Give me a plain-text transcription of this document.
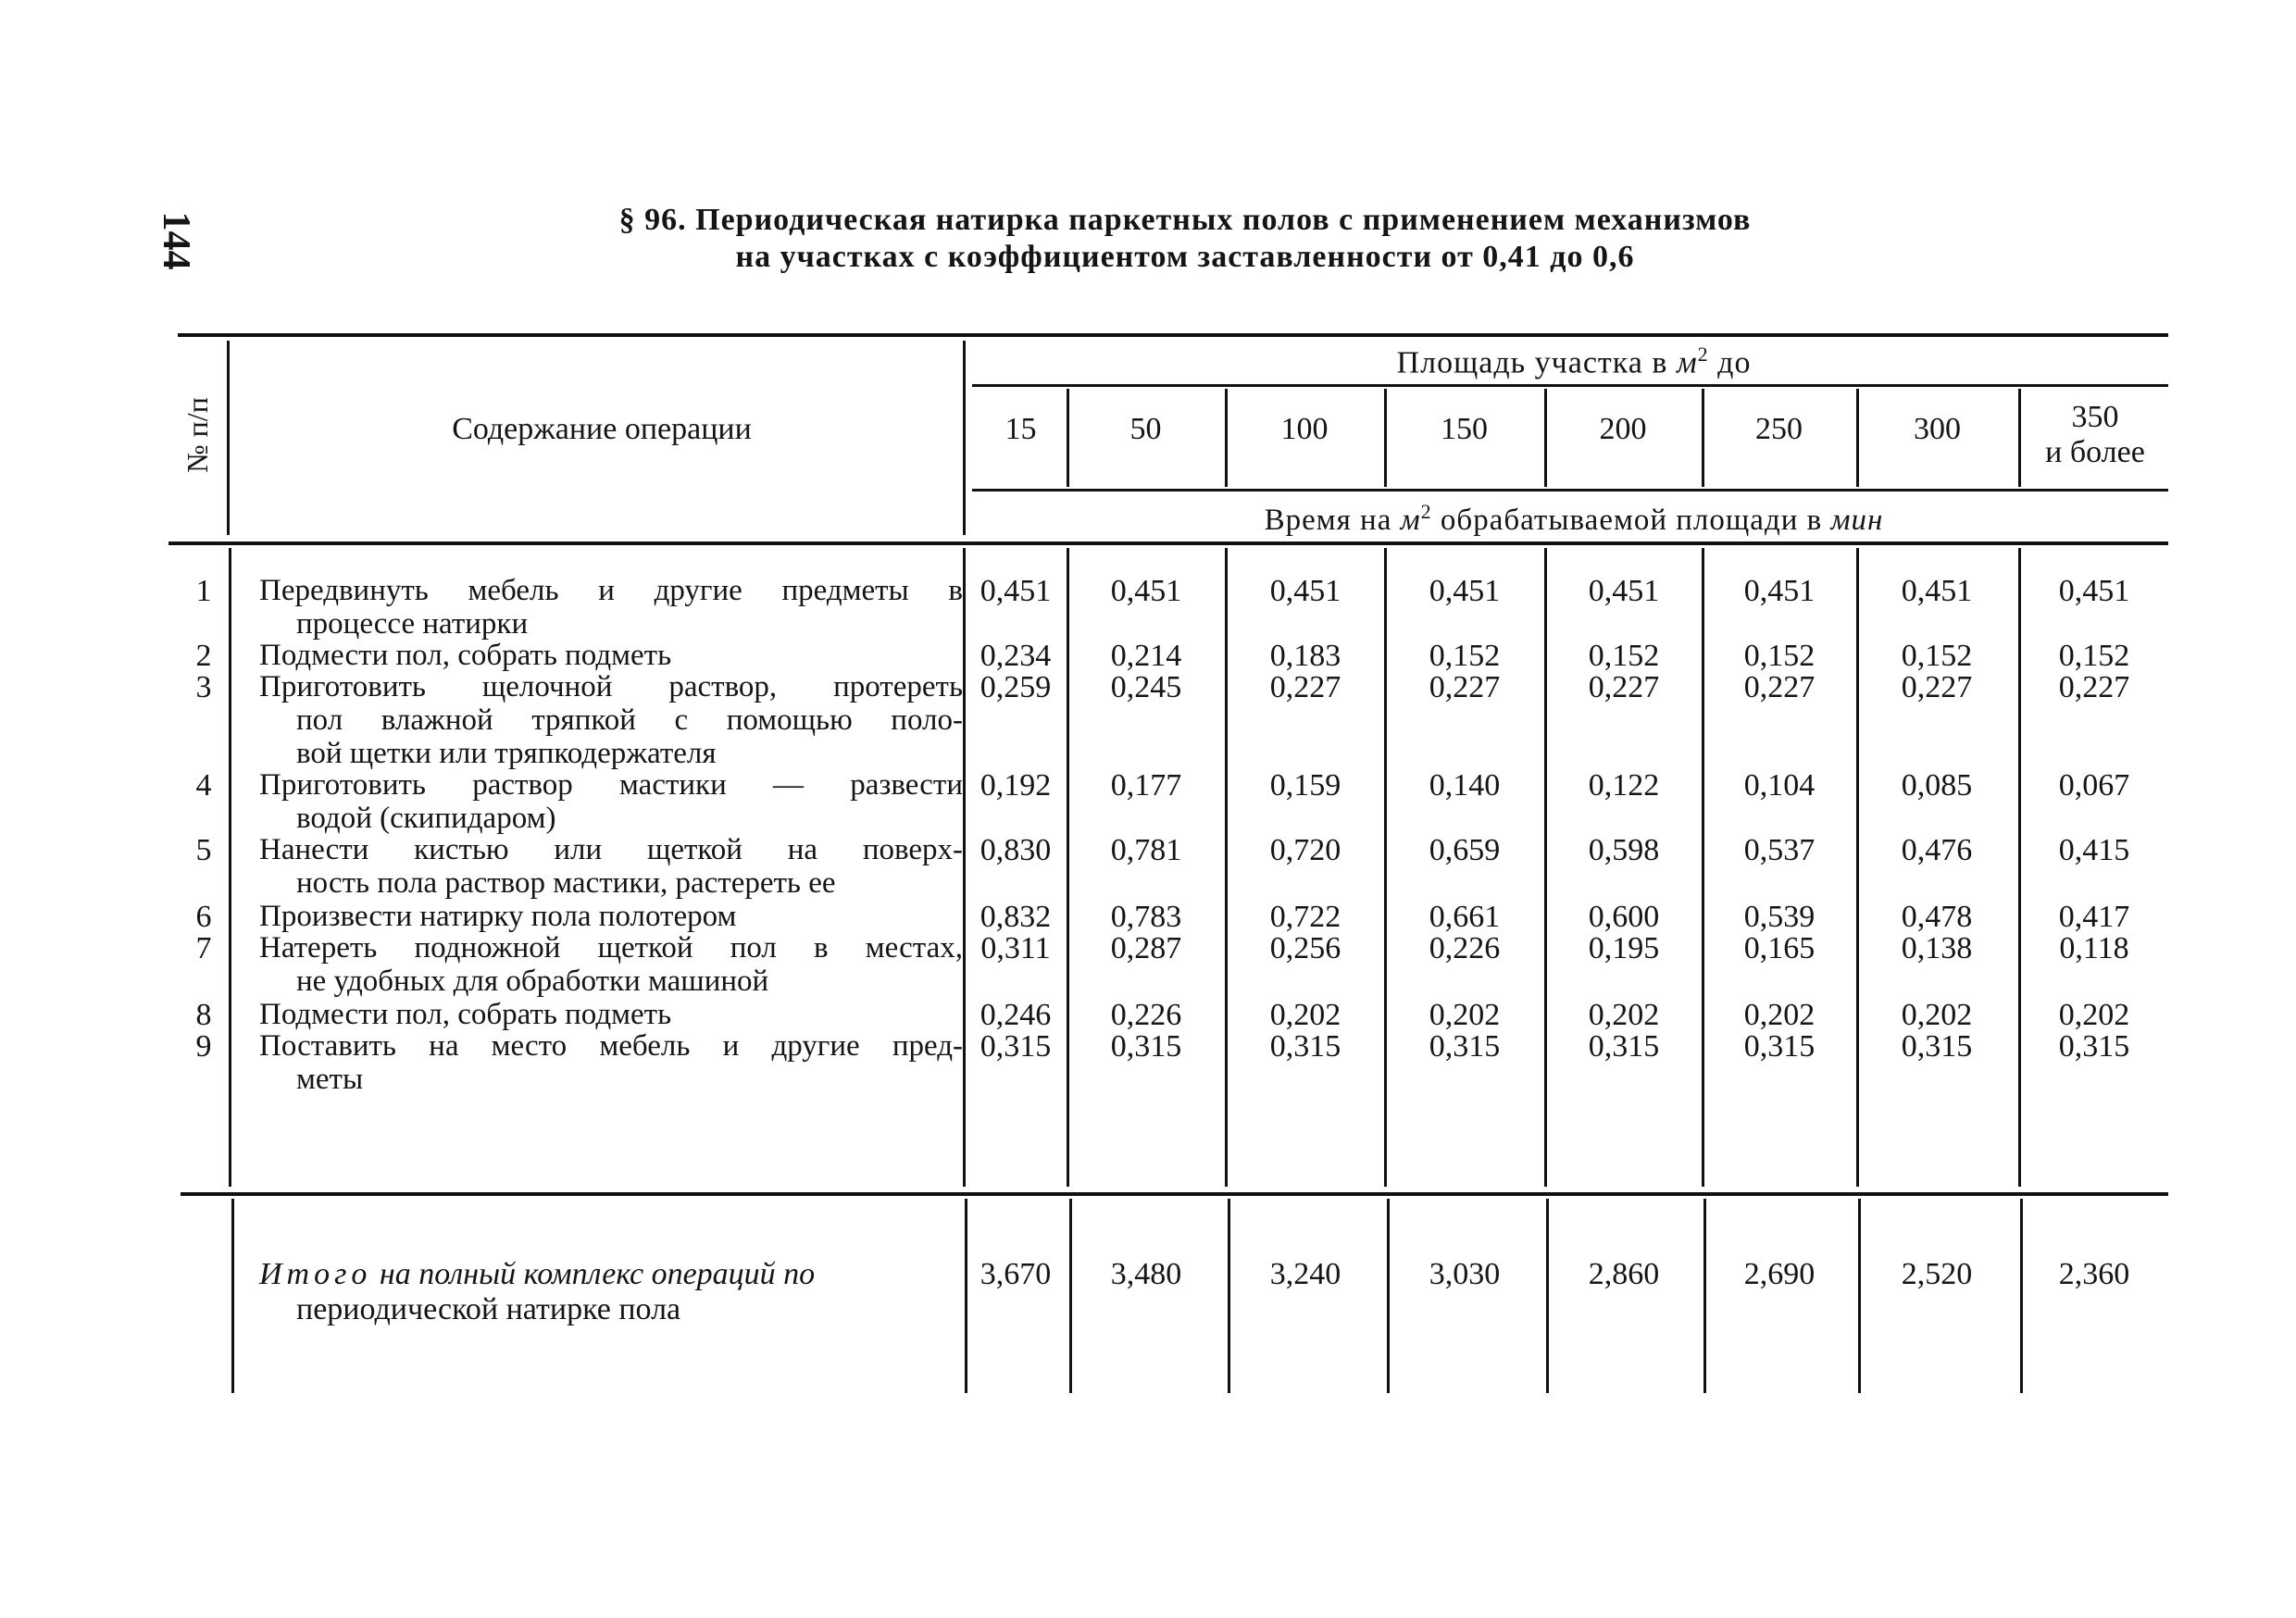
144	§ 96. Периодическая натирка паркетных полов с применением механизмов
на участках с коэффициентом заставленности от 0,41 до 0,6
№ п/п	Содержание операции
Площадь участка в $м^2$ до
15	50	100	150	200	250	300	350
и более
Время на $м^2$ обрабатываемой площади в мин
1	Передвинуть мебель и другие предметы в
процессе натирки
0,451	0,451	0,451	0,451	0,451	0,451	0,451	0,451
2	Подмести пол, собрать подметь	0,234	0,214	0,183	0,152	0,152	0,152	0,152	0,152
3	Приготовить щелочной раствор, протереть
пол влажной тряпкой с помощью поло-
вой щетки или тряпкодержателя
0,259	0,245	0,227	0,227	0,227	0,227	0,227	0,227
4	Приготовить раствор мастики — развести
водой (скипидаром)
0,192	0,177	0,159	0,140	0,122	0,104	0,085	0,067
5	Нанести кистью или щеткой на поверх-
ность пола раствор мастики, растереть ее
0,830	0,781	0,720	0,659	0,598	0,537	0,476	0,415
6	Произвести натирку пола полотером	0,832	0,783	0,722	0,661	0,600	0,539	0,478	0,417
7	Натереть подножной щеткой пол в местах,
не удобных для обработки машиной
0,311	0,287	0,256	0,226	0,195	0,165	0,138	0,118
8	Подмести пол, собрать подметь	0,246	0,226	0,202	0,202	0,202	0,202	0,202	0,202
9	Поставить на место мебель и другие пред-
меты
0,315	0,315	0,315	0,315	0,315	0,315	0,315	0,315
Итого на полный комплекс операций по
периодической натирке пола
3,670	3,480	3,240	3,030	2,860	2,690	2,520	2,360
